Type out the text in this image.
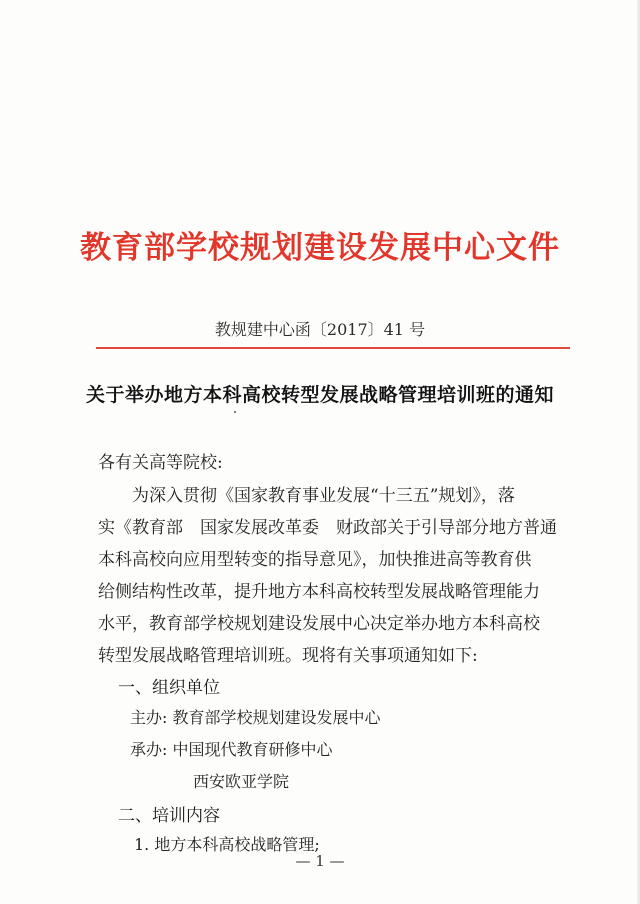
教育部学校规划建设发展中心文件
教规建中心函〔2017〕41 号
关于举办地方本科高校转型发展战略管理培训班的通知
各有关高等院校:
　　为深入贯彻《国家教育事业发展“十三五”规划》，落
实《教育部　国家发展改革委　财政部关于引导部分地方普通
本科高校向应用型转变的指导意见》，加快推进高等教育供
给侧结构性改革，提升地方本科高校转型发展战略管理能力
水平，教育部学校规划建设发展中心决定举办地方本科高校
转型发展战略管理培训班。现将有关事项通知如下:
一、组织单位
主办: 教育部学校规划建设发展中心
承办: 中国现代教育研修中心
西安欧亚学院
二、培训内容
1. 地方本科高校战略管理;
— 1 —
